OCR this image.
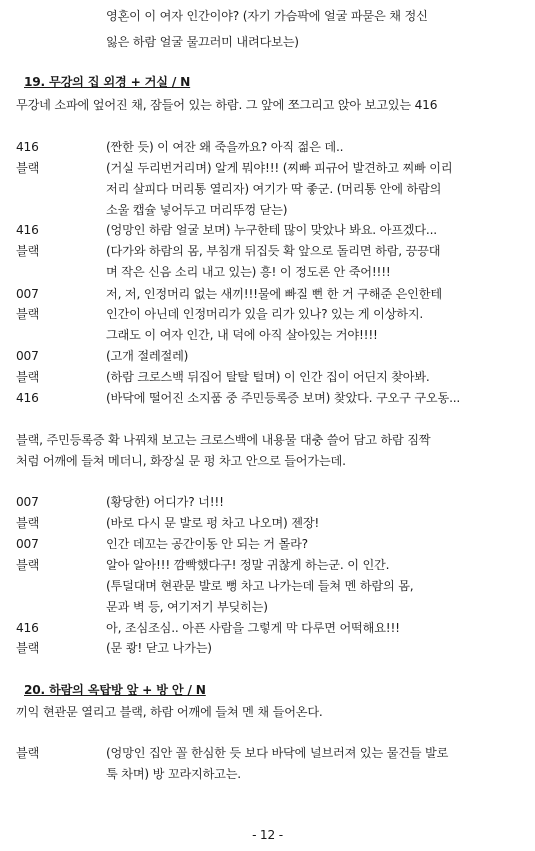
영혼이 이 여자 인간이야? (자기 가슴팍에 얼굴 파묻은 채 정신
잃은 하람 얼굴 물끄러미 내려다보는)
19. 무강의 집 외경 + 거실 / N
무강네 소파에 엎어진 채, 잠들어 있는 하람. 그 앞에 쪼그리고 앉아 보고있는 416
416	(짠한 듯) 이 여잔 왜 죽을까요? 아직 젊은 데..
블랙	(거실 두리번거리며) 알게 뭐야!!! (찌빠 피규어 발견하고 찌빠 이리
저리 살피다 머리통 열리자) 여기가 딱 좋군. (머리통 안에 하람의
소울 캡슐 넣어두고 머리뚜껑 닫는)
416	(엉망인 하람 얼굴 보며) 누구한테 많이 맞았나 봐요. 아프겠다...
블랙	(다가와 하람의 몸, 부침개 뒤집듯 확 앞으로 돌리면 하람, 끙끙대
며 작은 신음 소리 내고 있는) 흥! 이 정도론 안 죽어!!!!
007	저, 저, 인정머리 없는 새끼!!!물에 빠질 뻔 한 거 구해준 은인한테
블랙	인간이 아닌데 인정머리가 있을 리가 있나? 있는 게 이상하지.
그래도 이 여자 인간, 내 덕에 아직 살아있는 거야!!!!
007	(고개 절레절레)
블랙	(하람 크로스백 뒤집어 탈탈 털며) 이 인간 집이 어딘지 찾아봐.
416	(바닥에 떨어진 소지품 중 주민등록증 보며) 찾았다. 구오구 구오동...
블랙, 주민등록증 확 나꿔채 보고는 크로스백에 내용물 대충 쓸어 담고 하람 짐짝
처럼 어깨에 들쳐 메더니, 화장실 문 펑 차고 안으로 들어가는데.
007	(황당한) 어디가? 너!!!
블랙	(바로 다시 문 발로 펑 차고 나오며) 젠장!
007	인간 데꼬는 공간이동 안 되는 거 몰라?
블랙	알아 알아!!! 깜빡했다구! 정말 귀찮게 하는군. 이 인간.
(투덜대며 현관문 발로 뻥 차고 나가는데 들쳐 멘 하람의 몸,
문과 벽 등, 여기저기 부딪히는)
416	아, 조심조심.. 아픈 사람을 그렇게 막 다루면 어떡해요!!!
블랙	(문 쾅! 닫고 나가는)
20. 하람의 옥탑방 앞 + 방 안 / N
끼익 현관문 열리고 블랙, 하람 어깨에 들쳐 멘 채 들어온다.
블랙	(엉망인 집안 꼴 한심한 듯 보다 바닥에 널브러져 있는 물건들 발로
툭 차며) 방 꼬라지하고는.
- 12 -
